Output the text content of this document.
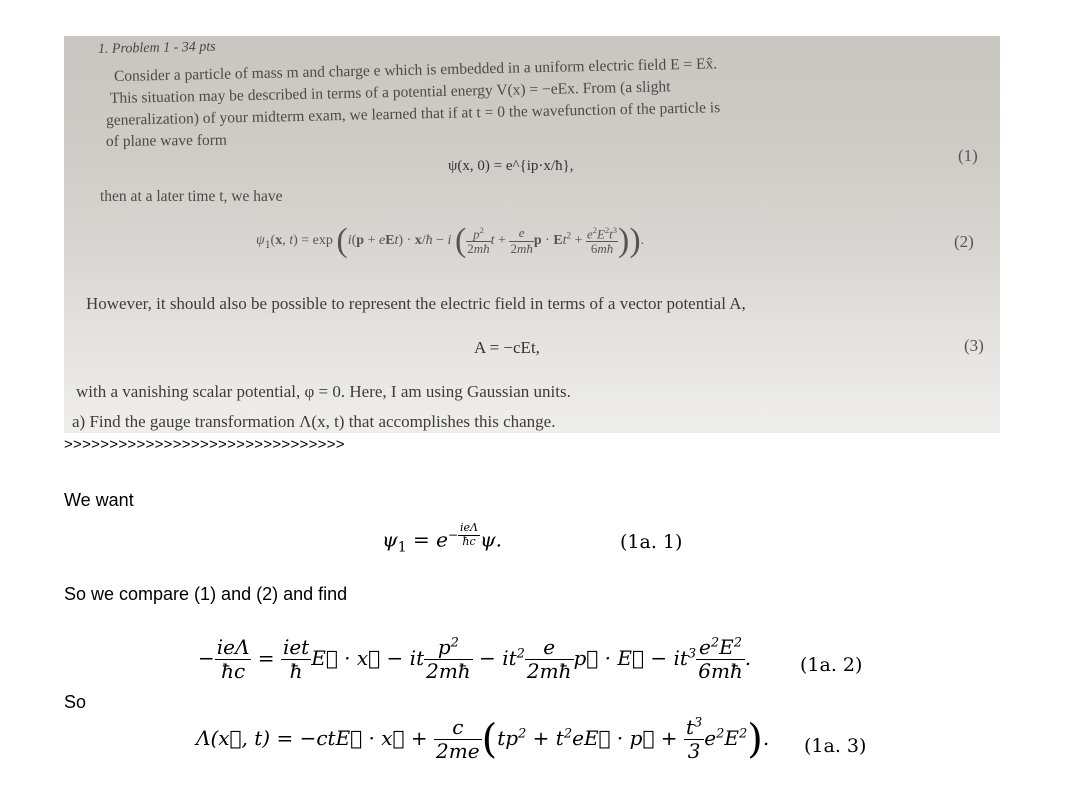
1. Problem 1 - 34 pts
Consider a particle of mass m and charge e which is embedded in a uniform electric field E = Ex̂.
This situation may be described in terms of a potential energy V(x) = −eEx. From (a slight
generalization) of your midterm exam, we learned that if at t = 0 the wavefunction of the particle is
of plane wave form
ψ(x, 0) = e^{ip·x/ħ},
(1)
then at a later time t, we have
$\psi_1(x$, t) = exp (i(p + eEt) · x/ħ − i ( $\frac{p^2}{2mħ}$ $t + \frac{e}{2mħ}$ $p \cdot Et^2 + \frac{e^2E^2t^3}{6mħ}$ )).	(2)
However, it should also be possible to represent the electric field in terms of a vector potential A,
A = −cEt,	(3)
with a vanishing scalar potential, φ = 0. Here, I am using Gaussian units.
a) Find the gauge transformation Λ(x, t) that accomplishes this change.
>>>>>>>>>>>>>>>>>>>>>>>>>>>>>>>
We want
$\psi_1 = e^{- \frac{\text{ieΛ}}{ħc}}$ ψ.	(1a. 1)
So we compare (1) and (2) and find
− $\frac{\text{ieΛ}}{ħc} = \frac{\text{iet}}{ħ}$ E⃗ · x⃗ − it $\frac{p^2}{2mħ} - it^2 \frac{e}{2mħ}$ p⃗ · E⃗ − $it^3 \frac{e^2E^2}{6mħ}$ .	(1a. 2)
So
Λ(x⃗, t) = −ctE⃗ · x⃗ + $\frac{c}{2me} (tp^2$ + $t^2eE⃗$ · p⃗ + $\frac{t^3}{3} e^2E^2$). (1a. 3)
